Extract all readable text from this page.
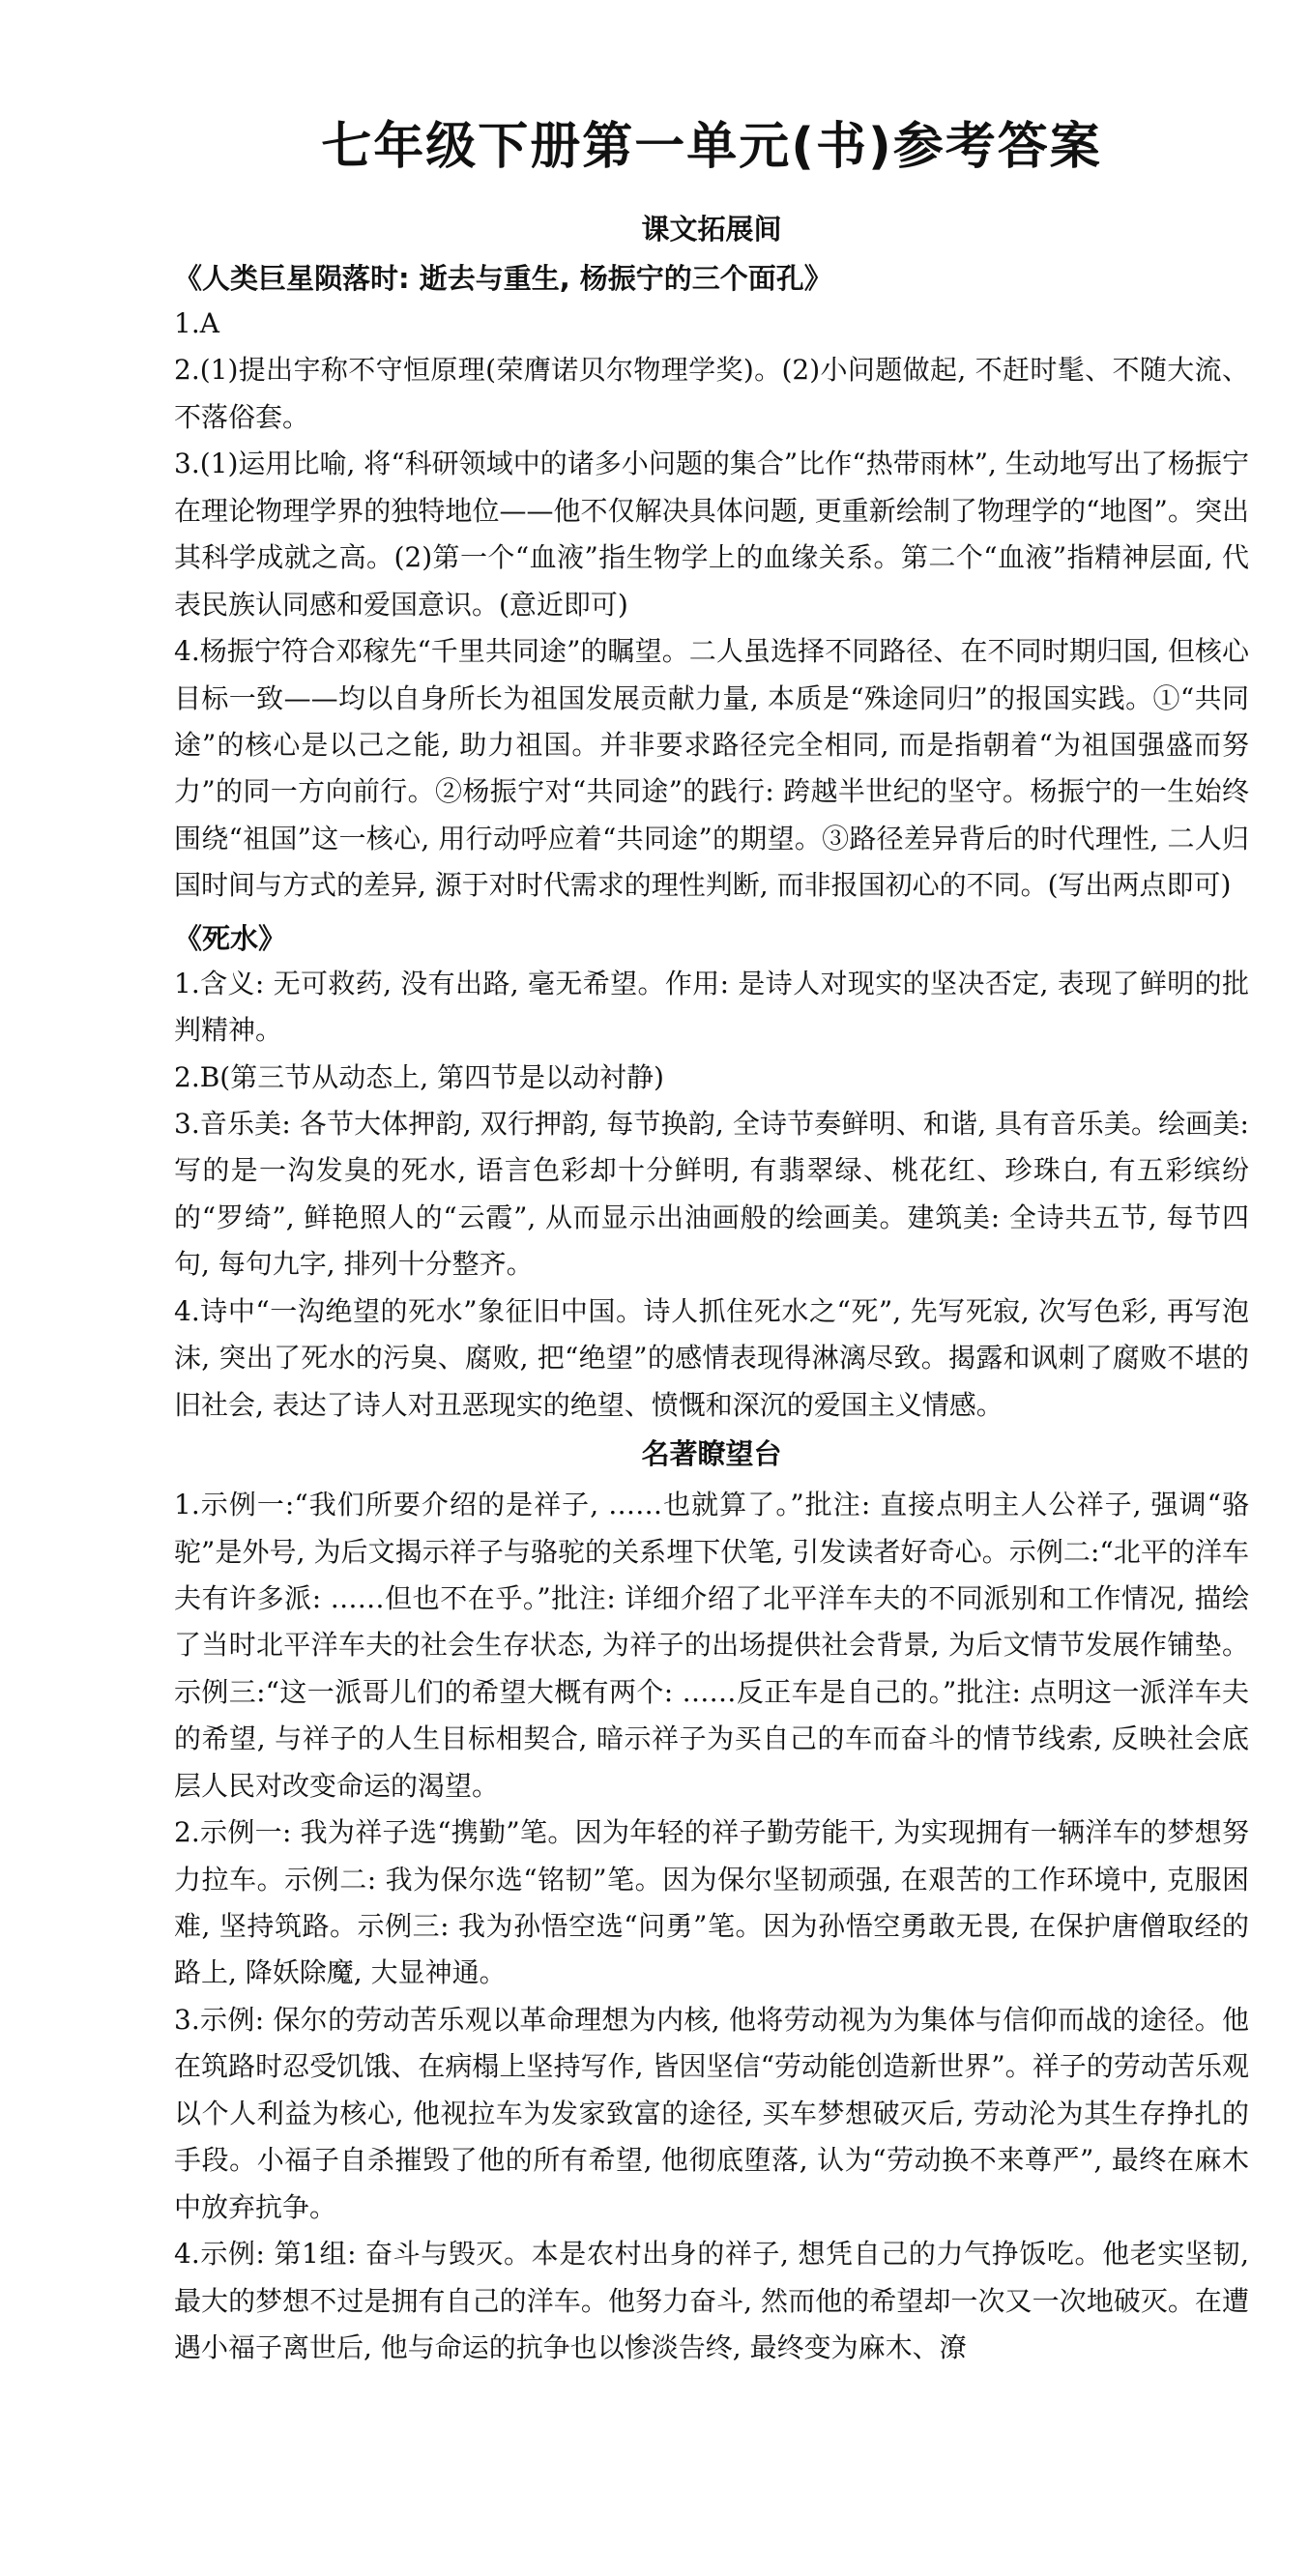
七年级下册第一单元(书)参考答案
课文拓展间
《人类巨星陨落时: 逝去与重生, 杨振宁的三个面孔》

1.A

2.(1)提出宇称不守恒原理(荣膺诺贝尔物理学奖)。(2)小问题做起, 不赶时髦、不随大流、不落俗套。

3.(1)运用比喻, 将“科研领域中的诸多小问题的集合”比作“热带雨林”, 生动地写出了杨振宁在理论物理学界的独特地位——他不仅解决具体问题, 更重新绘制了物理学的“地图”。突出其科学成就之高。(2)第一个“血液”指生物学上的血缘关系。第二个“血液”指精神层面, 代表民族认同感和爱国意识。(意近即可)

4.杨振宁符合邓稼先“千里共同途”的瞩望。二人虽选择不同路径、在不同时期归国, 但核心目标一致——均以自身所长为祖国发展贡献力量, 本质是“殊途同归”的报国实践。①“共同途”的核心是以己之能, 助力祖国。并非要求路径完全相同, 而是指朝着“为祖国强盛而努力”的同一方向前行。②杨振宁对“共同途”的践行: 跨越半世纪的坚守。杨振宁的一生始终围绕“祖国”这一核心, 用行动呼应着“共同途”的期望。③路径差异背后的时代理性, 二人归国时间与方式的差异, 源于对时代需求的理性判断, 而非报国初心的不同。(写出两点即可)

《死水》

1.含义: 无可救药, 没有出路, 毫无希望。作用: 是诗人对现实的坚决否定, 表现了鲜明的批判精神。

2.B(第三节从动态上, 第四节是以动衬静)

3.音乐美: 各节大体押韵, 双行押韵, 每节换韵, 全诗节奏鲜明、和谐, 具有音乐美。绘画美: 写的是一沟发臭的死水, 语言色彩却十分鲜明, 有翡翠绿、桃花红、珍珠白, 有五彩缤纷的“罗绮”, 鲜艳照人的“云霞”, 从而显示出油画般的绘画美。建筑美: 全诗共五节, 每节四句, 每句九字, 排列十分整齐。

4.诗中“一沟绝望的死水”象征旧中国。诗人抓住死水之“死”, 先写死寂, 次写色彩, 再写泡沫, 突出了死水的污臭、腐败, 把“绝望”的感情表现得淋漓尽致。揭露和讽刺了腐败不堪的旧社会, 表达了诗人对丑恶现实的绝望、愤慨和深沉的爱国主义情感。

名著瞭望台

1.示例一:“我们所要介绍的是祥子, ……也就算了。”批注: 直接点明主人公祥子, 强调“骆驼”是外号, 为后文揭示祥子与骆驼的关系埋下伏笔, 引发读者好奇心。示例二:“北平的洋车夫有许多派: ……但也不在乎。”批注: 详细介绍了北平洋车夫的不同派别和工作情况, 描绘了当时北平洋车夫的社会生存状态, 为祥子的出场提供社会背景, 为后文情节发展作铺垫。示例三:“这一派哥儿们的希望大概有两个: ……反正车是自己的。”批注: 点明这一派洋车夫的希望, 与祥子的人生目标相契合, 暗示祥子为买自己的车而奋斗的情节线索, 反映社会底层人民对改变命运的渴望。

2.示例一: 我为祥子选“携勤”笔。因为年轻的祥子勤劳能干, 为实现拥有一辆洋车的梦想努力拉车。示例二: 我为保尔选“铭韧”笔。因为保尔坚韧顽强, 在艰苦的工作环境中, 克服困难, 坚持筑路。示例三: 我为孙悟空选“问勇”笔。因为孙悟空勇敢无畏, 在保护唐僧取经的路上, 降妖除魔, 大显神通。

3.示例: 保尔的劳动苦乐观以革命理想为内核, 他将劳动视为为集体与信仰而战的途径。他在筑路时忍受饥饿、在病榻上坚持写作, 皆因坚信“劳动能创造新世界”。祥子的劳动苦乐观以个人利益为核心, 他视拉车为发家致富的途径, 买车梦想破灭后, 劳动沦为其生存挣扎的手段。小福子自杀摧毁了他的所有希望, 他彻底堕落, 认为“劳动换不来尊严”, 最终在麻木中放弃抗争。

4.示例: 第1组: 奋斗与毁灭。本是农村出身的祥子, 想凭自己的力气挣饭吃。他老实坚韧, 最大的梦想不过是拥有自己的洋车。他努力奋斗, 然而他的希望却一次又一次地破灭。在遭遇小福子离世后, 他与命运的抗争也以惨淡告终, 最终变为麻木、潦
